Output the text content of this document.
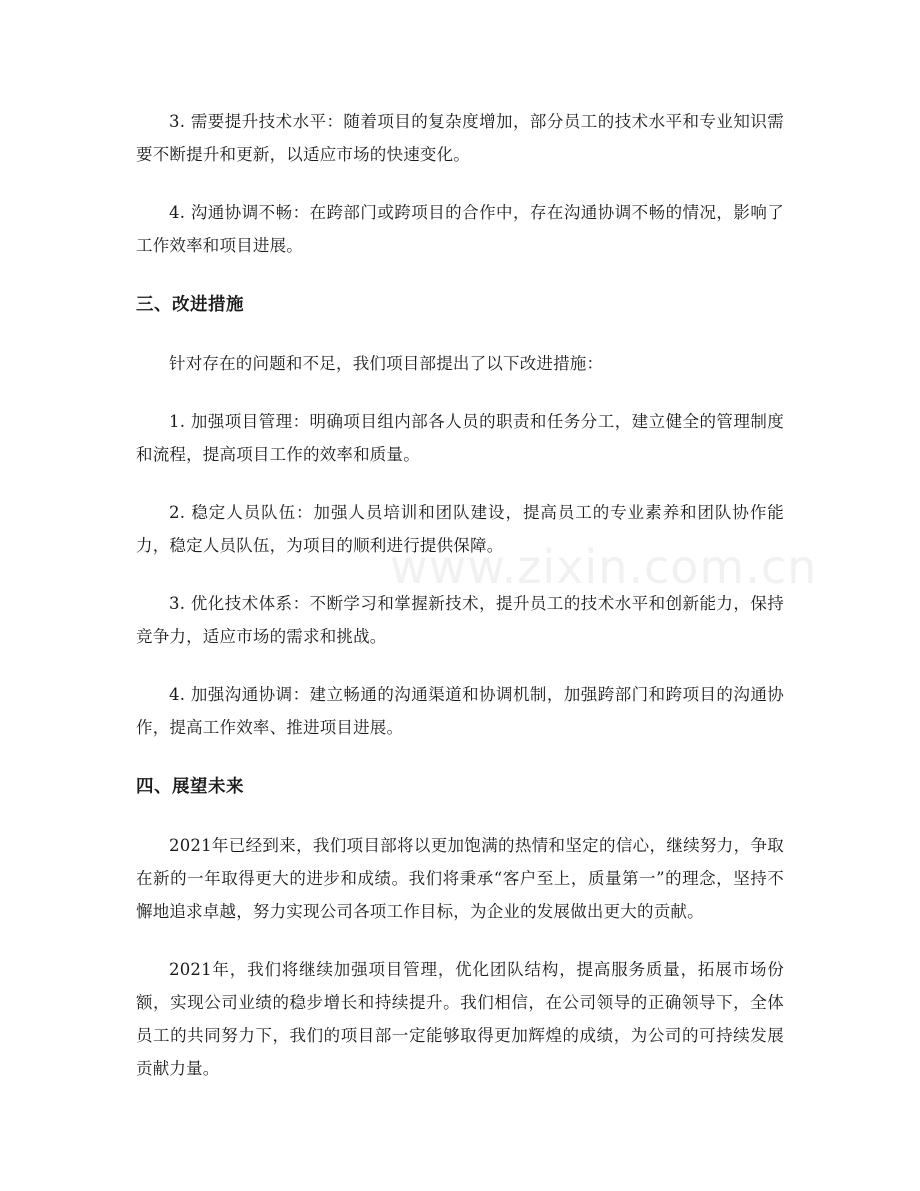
3. 需要提升技术水平：随着项目的复杂度增加，部分员工的技术水平和专业知识需要不断提升和更新，以适应市场的快速变化。

4. 沟通协调不畅：在跨部门或跨项目的合作中，存在沟通协调不畅的情况，影响了工作效率和项目进展。

三、改进措施

针对存在的问题和不足，我们项目部提出了以下改进措施：

1. 加强项目管理：明确项目组内部各人员的职责和任务分工，建立健全的管理制度和流程，提高项目工作的效率和质量。

2. 稳定人员队伍：加强人员培训和团队建设，提高员工的专业素养和团队协作能力，稳定人员队伍，为项目的顺利进行提供保障。

3. 优化技术体系：不断学习和掌握新技术，提升员工的技术水平和创新能力，保持竞争力，适应市场的需求和挑战。

4. 加强沟通协调：建立畅通的沟通渠道和协调机制，加强跨部门和跨项目的沟通协作，提高工作效率、推进项目进展。

四、展望未来

2021年已经到来，我们项目部将以更加饱满的热情和坚定的信心，继续努力，争取在新的一年取得更大的进步和成绩。我们将秉承“客户至上，质量第一”的理念，坚持不懈地追求卓越，努力实现公司各项工作目标，为企业的发展做出更大的贡献。

2021年，我们将继续加强项目管理，优化团队结构，提高服务质量，拓展市场份额，实现公司业绩的稳步增长和持续提升。我们相信，在公司领导的正确领导下，全体员工的共同努力下，我们的项目部一定能够取得更加辉煌的成绩，为公司的可持续发展贡献力量。

www.zixin.com.cn
